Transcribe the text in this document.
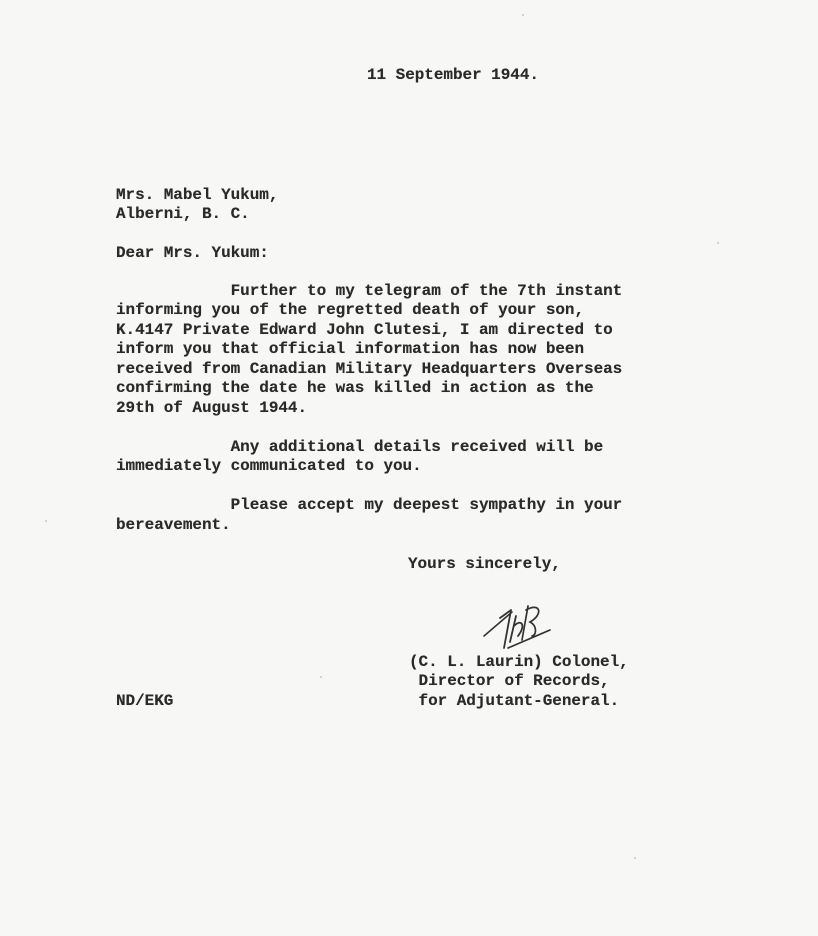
11 September 1944.
Mrs. Mabel Yukum,
Alberni, B. C.
Dear Mrs. Yukum:
Further to my telegram of the 7th instant
informing you of the regretted death of your son,
K.4147 Private Edward John Clutesi, I am directed to
inform you that official information has now been
received from Canadian Military Headquarters Overseas
confirming the date he was killed in action as the
29th of August 1944.
Any additional details received will be
immediately communicated to you.
Please accept my deepest sympathy in your
bereavement.
Yours sincerely,
(C. L. Laurin) Colonel,
Director of Records,
for Adjutant-General.
ND/EKG
